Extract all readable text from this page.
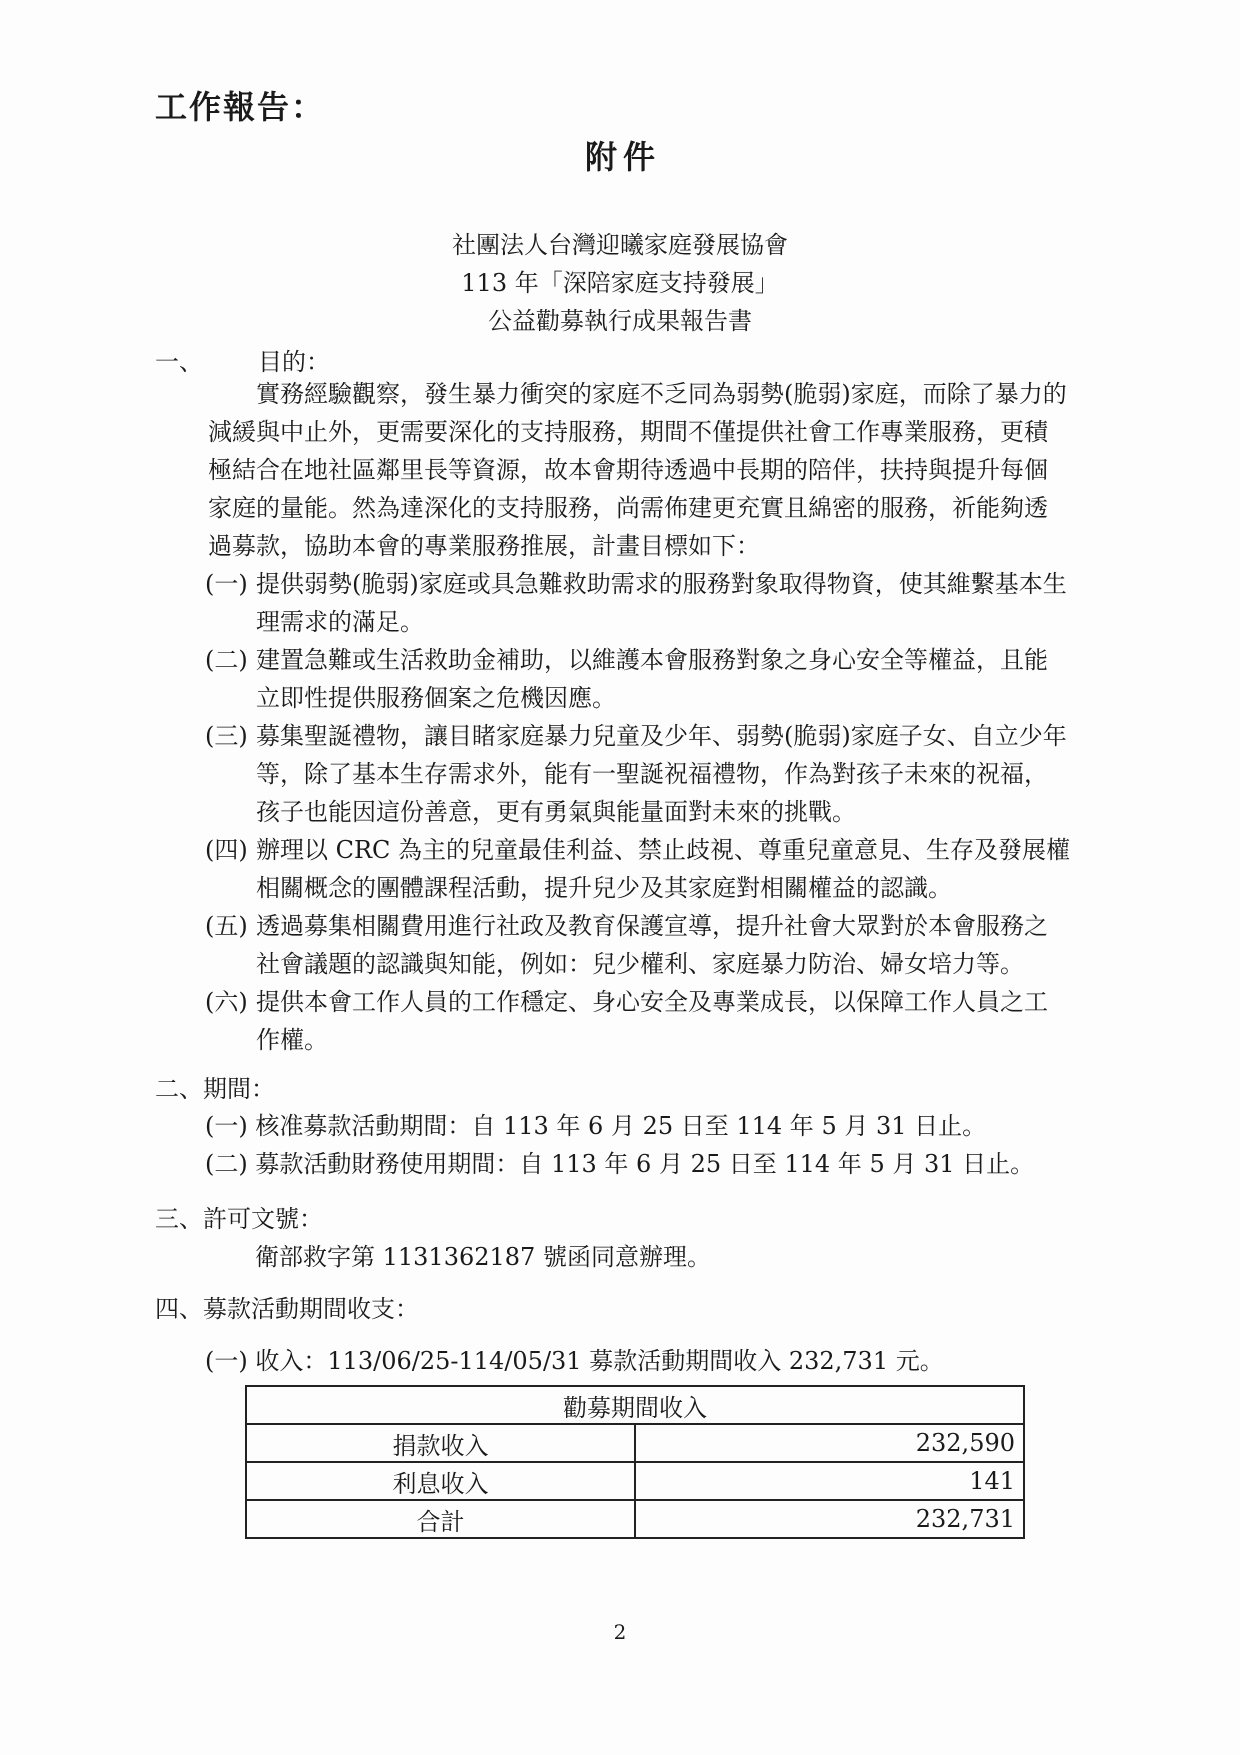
工作報告：
附件
社團法人台灣迎曦家庭發展協會
113 年「深陪家庭支持發展」
公益勸募執行成果報告書
一、 目的：

　　實務經驗觀察，發生暴力衝突的家庭不乏同為弱勢(脆弱)家庭，而除了暴力的

減緩與中止外，更需要深化的支持服務，期間不僅提供社會工作專業服務，更積

極結合在地社區鄰里長等資源，故本會期待透過中長期的陪伴，扶持與提升每個

家庭的量能。然為達深化的支持服務，尚需佈建更充實且綿密的服務，祈能夠透

過募款，協助本會的專業服務推展，計畫目標如下：

(一) 提供弱勢(脆弱)家庭或具急難救助需求的服務對象取得物資，使其維繫基本生
理需求的滿足。
(二) 建置急難或生活救助金補助，以維護本會服務對象之身心安全等權益，且能
立即性提供服務個案之危機因應。
(三) 募集聖誕禮物，讓目睹家庭暴力兒童及少年、弱勢(脆弱)家庭子女、自立少年
等，除了基本生存需求外，能有一聖誕祝福禮物，作為對孩子未來的祝福，
孩子也能因這份善意，更有勇氣與能量面對未來的挑戰。
(四) 辦理以 CRC 為主的兒童最佳利益、禁止歧視、尊重兒童意見、生存及發展權
相關概念的團體課程活動，提升兒少及其家庭對相關權益的認識。
(五) 透過募集相關費用進行社政及教育保護宣導，提升社會大眾對於本會服務之
社會議題的認識與知能，例如：兒少權利、家庭暴力防治、婦女培力等。
(六) 提供本會工作人員的工作穩定、身心安全及專業成長，以保障工作人員之工
作權。
二、期間：
(一) 核准募款活動期間：自 113 年 6 月 25 日至 114 年 5 月 31 日止。
(二) 募款活動財務使用期間：自 113 年 6 月 25 日至 114 年 5 月 31 日止。
三、許可文號：
衛部救字第 1131362187 號函同意辦理。
四、募款活動期間收支：
(一) 收入：113/06/25-114/05/31 募款活動期間收入 232,731 元。
勸募期間收入	
捐款收入	232,590
利息收入	141
合計	232,731
2
